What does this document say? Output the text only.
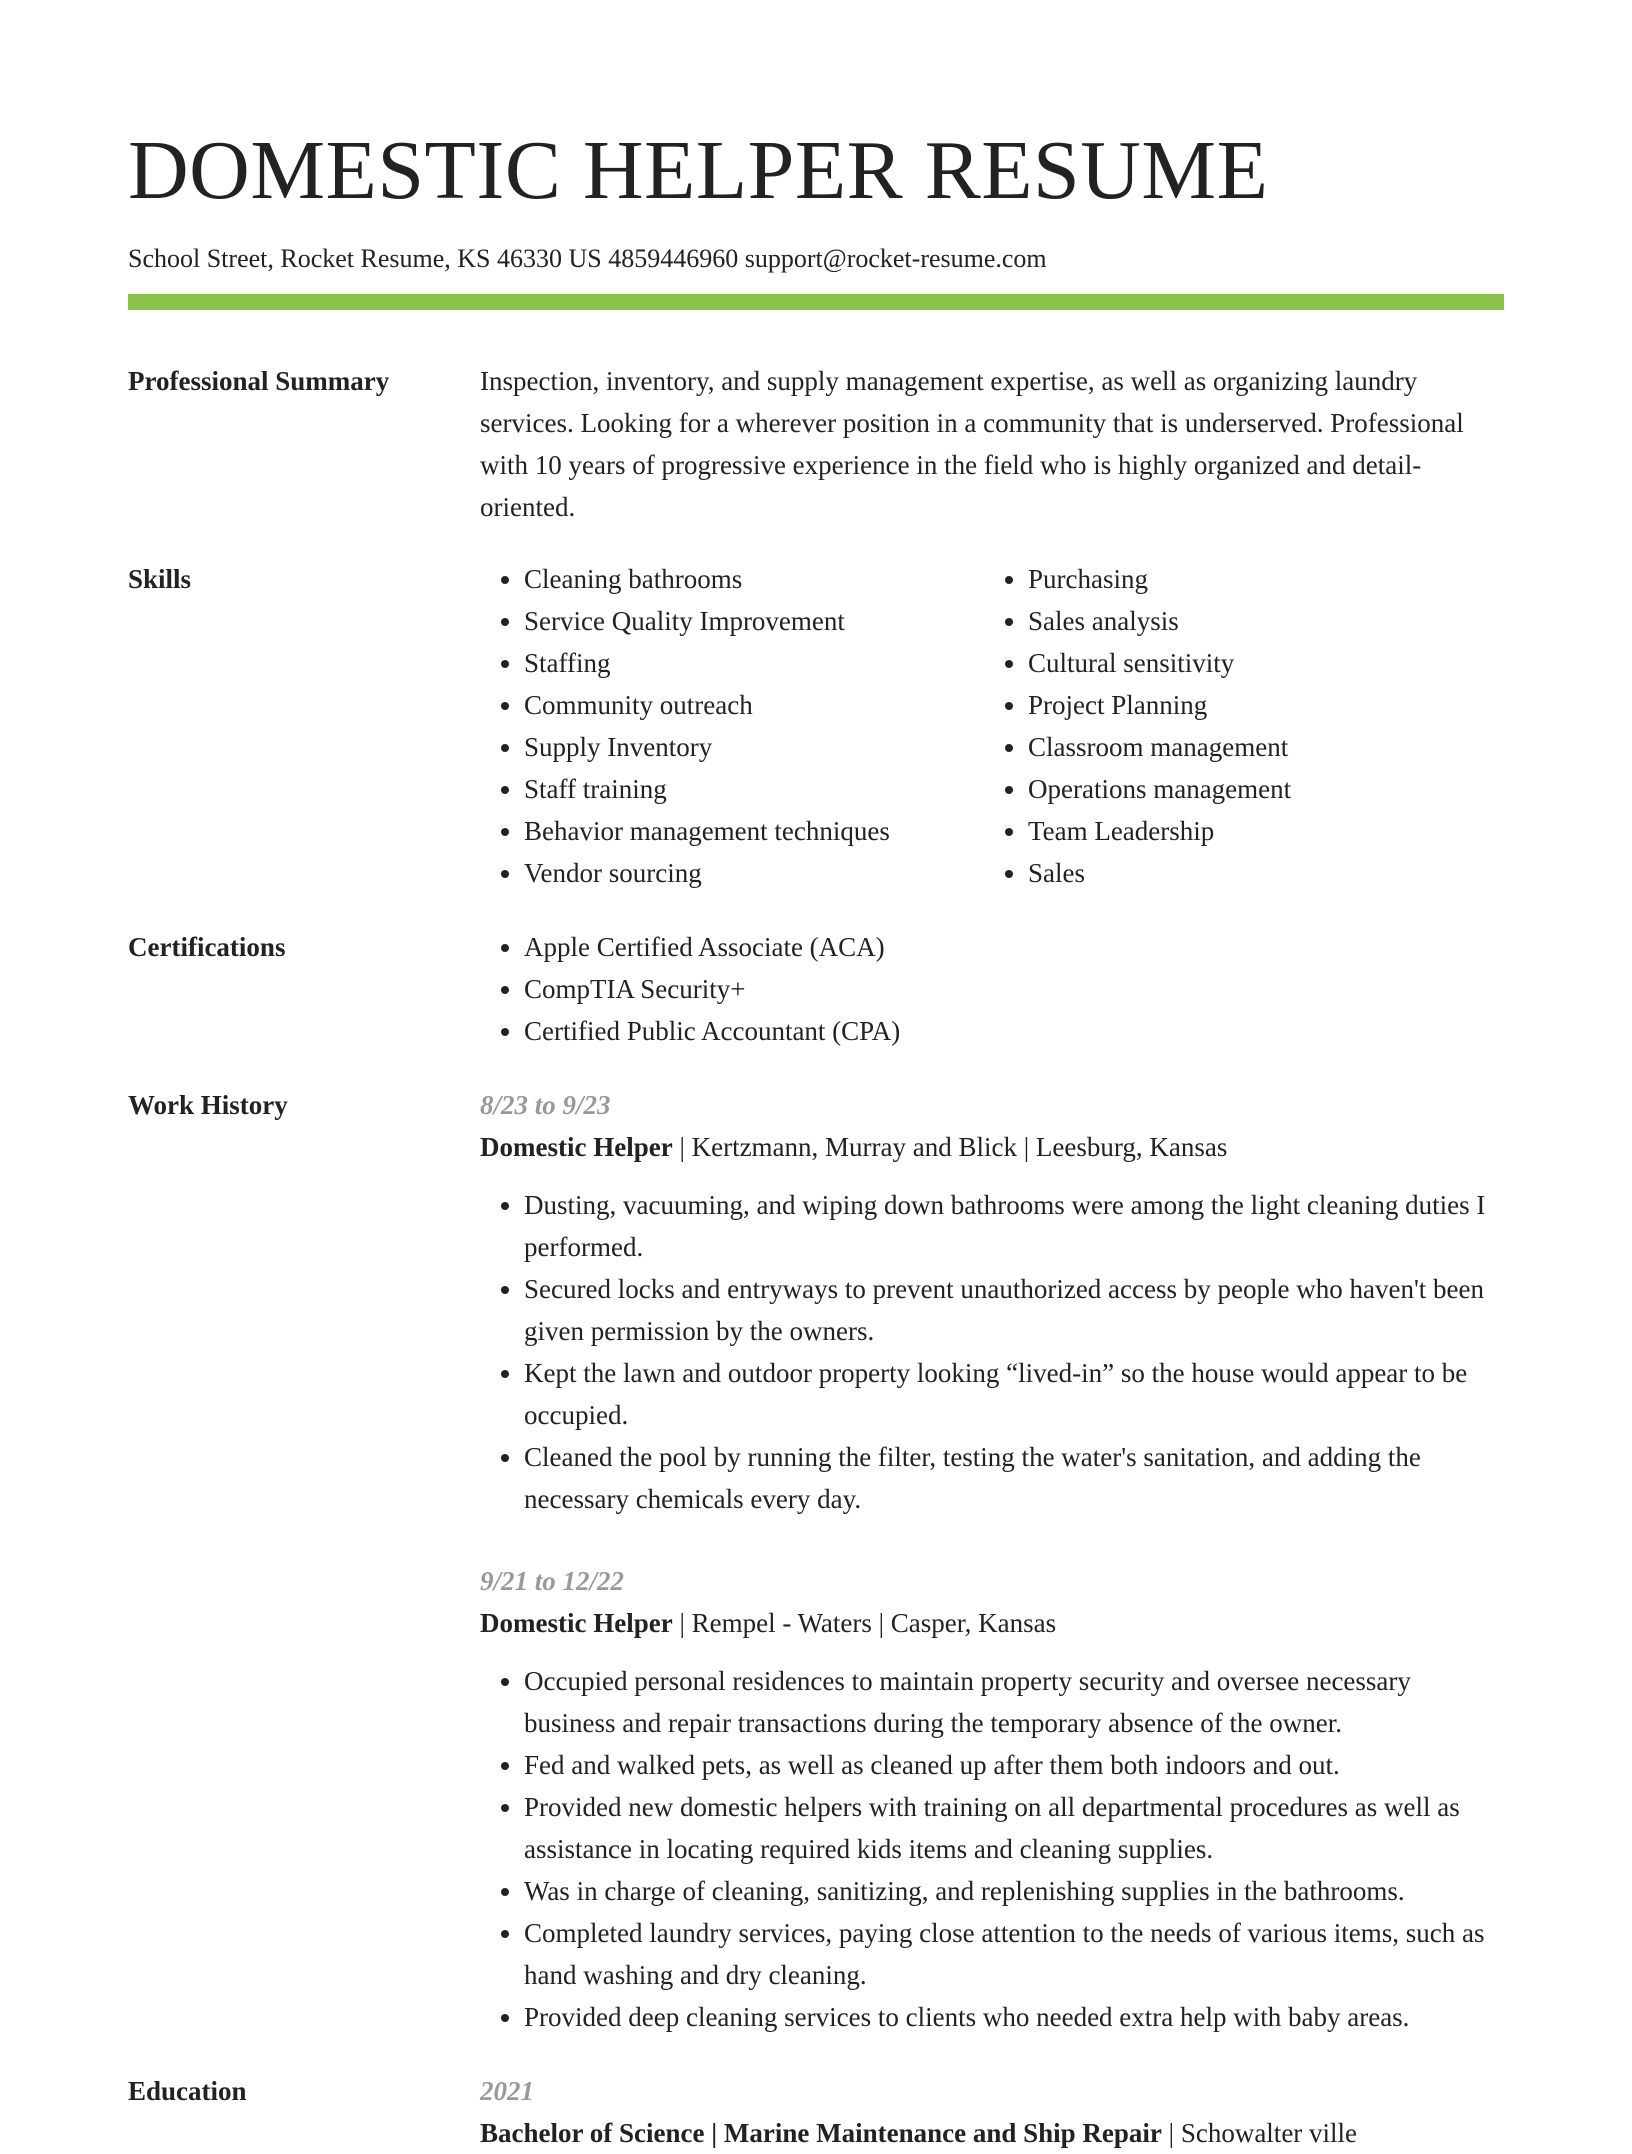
DOMESTIC HELPER RESUME
School Street, Rocket Resume, KS 46330 US 4859446960 support@rocket-resume.com
Professional Summary	Inspection, inventory, and supply management expertise, as well as organizing laundry services. Looking for a wherever position in a community that is underserved. Professional with 10 years of progressive experience in the field who is highly organized and detail-oriented.

Skills	• Cleaning bathrooms
• Service Quality Improvement
• Staffing
• Community outreach
• Supply Inventory
• Staff training
• Behavior management techniques
• Vendor sourcing
• Purchasing
• Sales analysis
• Cultural sensitivity
• Project Planning
• Classroom management
• Operations management
• Team Leadership
• Sales
Certifications	• Apple Certified Associate (ACA)
• CompTIA Security+
• Certified Public Accountant (CPA)
Work History	8/23 to 9/23
Domestic Helper | Kertzmann, Murray and Blick | Leesburg, Kansas
• Dusting, vacuuming, and wiping down bathrooms were among the light cleaning duties I performed.
• Secured locks and entryways to prevent unauthorized access by people who haven't been given permission by the owners.
• Kept the lawn and outdoor property looking “lived-in” so the house would appear to be occupied.
• Cleaned the pool by running the filter, testing the water's sanitation, and adding the necessary chemicals every day.
9/21 to 12/22
Domestic Helper | Rempel - Waters | Casper, Kansas
• Occupied personal residences to maintain property security and oversee necessary business and repair transactions during the temporary absence of the owner.
• Fed and walked pets, as well as cleaned up after them both indoors and out.
• Provided new domestic helpers with training on all departmental procedures as well as assistance in locating required kids items and cleaning supplies.
• Was in charge of cleaning, sanitizing, and replenishing supplies in the bathrooms.
• Completed laundry services, paying close attention to the needs of various items, such as hand washing and dry cleaning.
• Provided deep cleaning services to clients who needed extra help with baby areas.
Education	2021
Bachelor of Science | Marine Maintenance and Ship Repair | Schowalter ville
